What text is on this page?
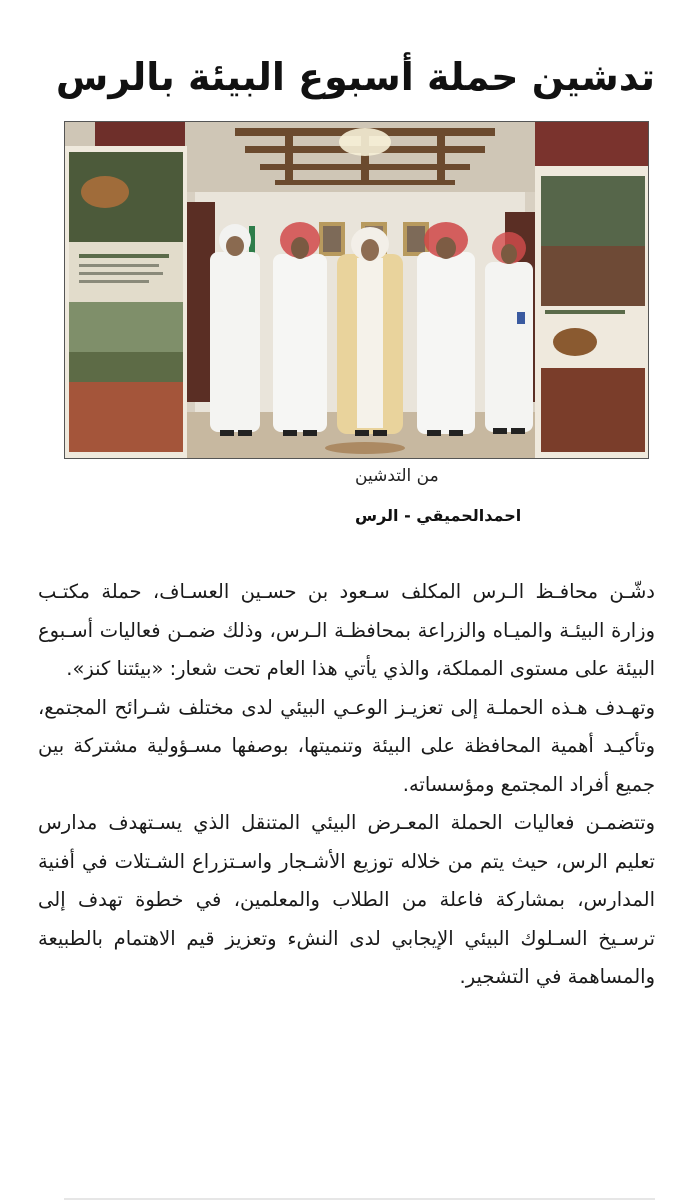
تدشين حملة أسبوع البيئة بالرس
من التدشين
احمدالحميقي - الرس

دشّـن محافـظ الـرس المكلف سـعود بن حسـين العسـاف، حملة مكتـب وزارة البيئـة والميـاه والزراعة بمحافظـة الـرس، وذلك ضمـن فعاليات أسـبوع البيئة على مستوى المملكة، والذي يأتي هذا العام تحت شعار: «بيئتنا كنز».

وتهـدف هـذه الحملـة إلى تعزيـز الوعـي البيئي لدى مختلف شـرائح المجتمع، وتأكيـد أهمية المحافظة على البيئة وتنميتها، بوصفها مسـؤولية مشتركة بين جميع أفراد المجتمع ومؤسساته.

وتتضمـن فعاليات الحملة المعـرض البيئي المتنقل الذي يسـتهدف مدارس تعليم الرس، حيث يتم من خلاله توزيع الأشـجار واسـتزراع الشـتلات في أفنية المدارس، بمشاركة فاعلة من الطلاب والمعلمين، في خطوة تهدف إلى ترسـيخ السـلوك البيئي الإيجابي لدى النشء وتعزيز قيم الاهتمام بالطبيعة والمساهمة في التشجير.
